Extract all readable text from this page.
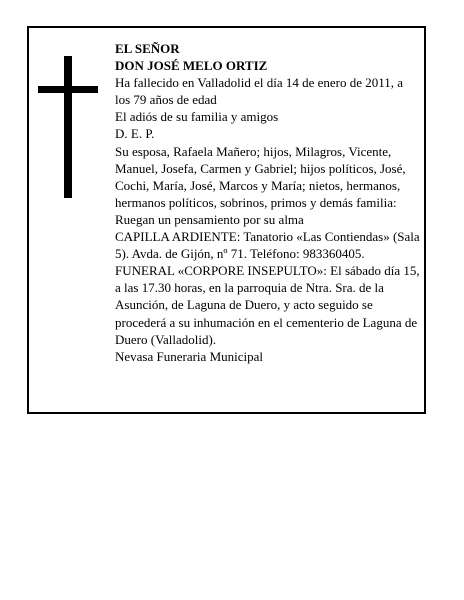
EL SEÑOR

DON JOSÉ MELO ORTIZ

Ha fallecido en Valladolid el día 14 de enero de 2011, a los 79 años de edad

El adiós de su familia y amigos

D. E. P.

Su esposa, Rafaela Mañero; hijos, Milagros, Vicente, Manuel, Josefa, Carmen y Gabriel; hijos políticos, José, Cochi, María, José, Marcos y María; nietos, hermanos, hermanos políticos, sobrinos, primos y demás familia:

Ruegan un pensamiento por su alma

CAPILLA ARDIENTE: Tanatorio «Las Contiendas» (Sala 5). Avda. de Gijón, nº 71. Teléfono: 983360405.

FUNERAL «CORPORE INSEPULTO»: El sábado día 15, a las 17.30 horas, en la parroquia de Ntra. Sra. de la Asunción, de Laguna de Duero, y acto seguido se procederá a su inhumación en el cementerio de Laguna de Duero (Valladolid).

Nevasa Funeraria Municipal
